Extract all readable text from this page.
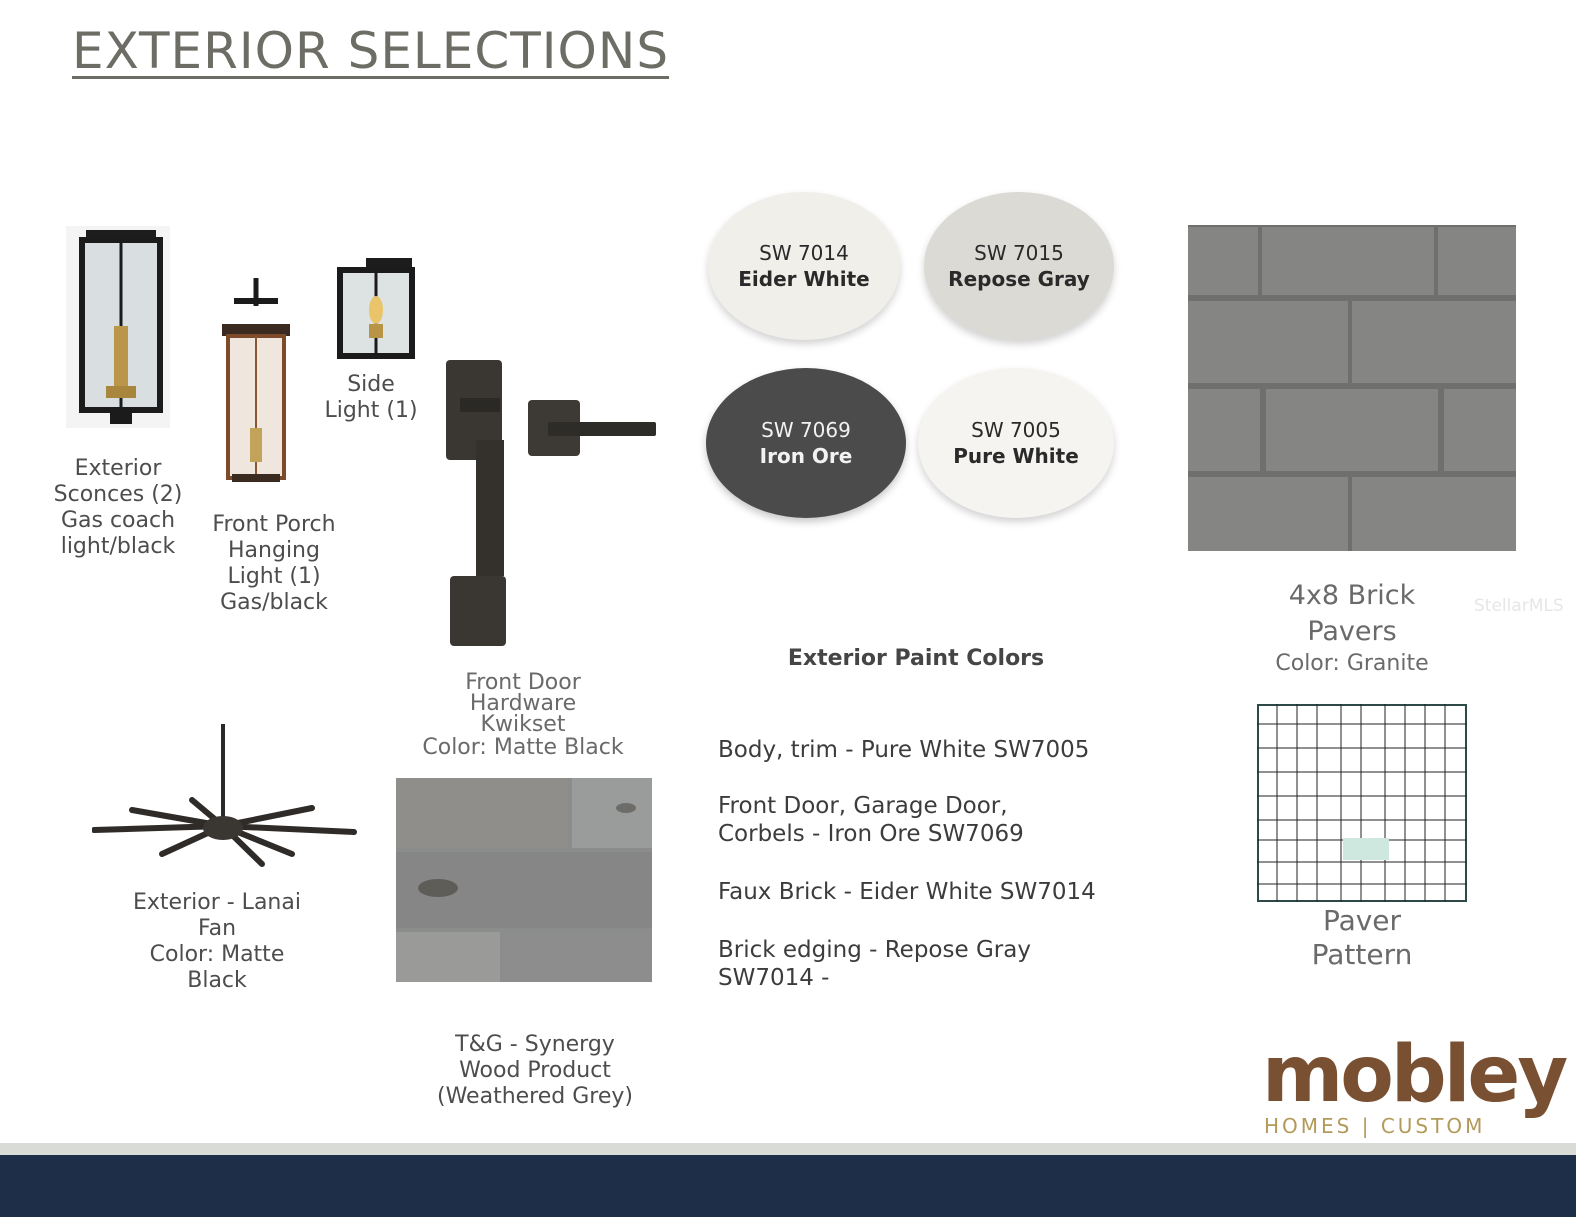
EXTERIOR SELECTIONS
SW 7014
Eider White
SW 7015
Repose Gray
SW 7069
Iron Ore
SW 7005
Pure White
Exterior
Sconces (2)
Gas coach
light/black
Front Porch
Hanging
Light (1)
Gas/black
Side
Light (1)
Front Door
Hardware
Kwikset
Color: Matte Black
Exterior - Lanai
Fan
Color: Matte
Black
T&G - Synergy
Wood Product
(Weathered Grey)
4x8 Brick
Pavers
Color: Granite
Paver
Pattern
Exterior Paint Colors
Body, trim - Pure White SW7005
Front Door, Garage Door,
Corbels - Iron Ore SW7069
Faux Brick - Eider White SW7014
Brick edging - Repose Gray
SW7014 -
StellarMLS
mobley
HOMES | CUSTOM
